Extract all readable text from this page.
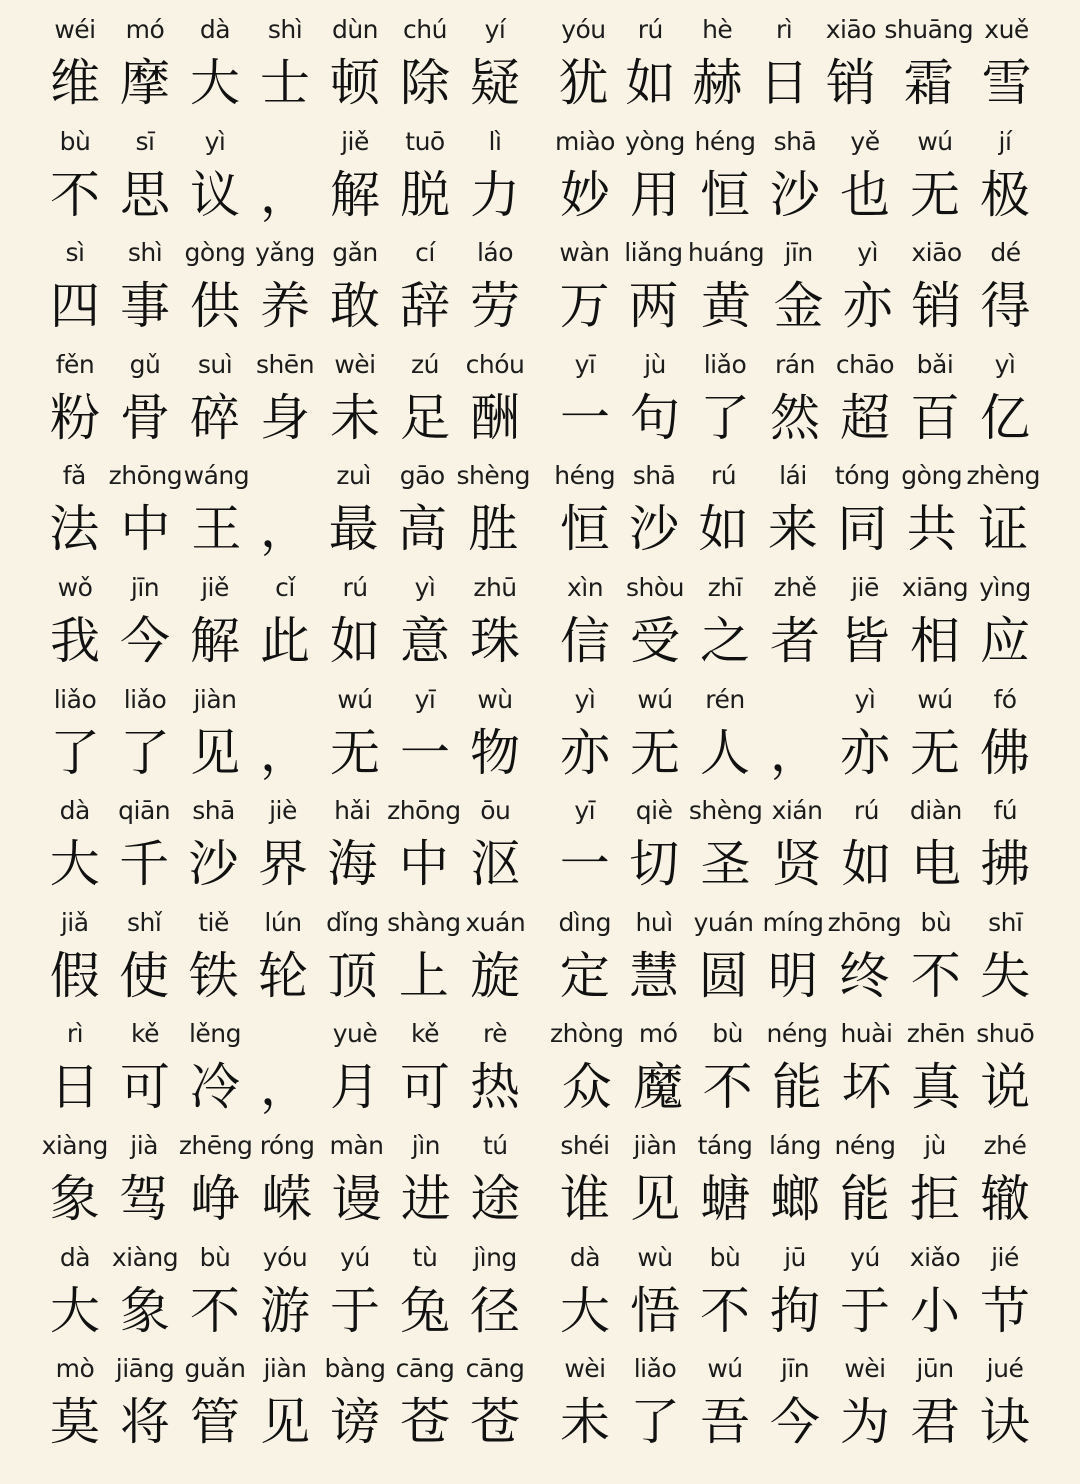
wéi
维
mó
摩
dà
大
shì
士
dùn
顿
chú
除
yí
疑
yóu
犹
rú
如
hè
赫
rì
日
xiāo
销
shuāng
霜
xuě
雪
bù
不
sī
思
yì
议 ，
jiě
解
tuō
脱
lì
力
miào
妙
yòng
用
héng
恒
shā
沙
yě
也
wú
无
jí
极
sì
四
shì
事
gòng
供
yǎng
养
gǎn
敢
cí
辞
láo
劳
wàn
万
liǎng
两
huáng
黄
jīn
金
yì
亦
xiāo
销
dé
得
fěn
粉
gǔ
骨
suì
碎
shēn
身
wèi
未
zú
足
chóu
酬
yī
一
jù
句
liǎo
了
rán
然
chāo
超
bǎi
百
yì
亿
fǎ
法
zhōng
中
wáng
王 ，
zuì
最
gāo
高
shèng
胜
héng
恒
shā
沙
rú
如
lái
来
tóng
同
gòng
共
zhèng
证
wǒ
我
jīn
今
jiě
解
cǐ
此
rú
如
yì
意
zhū
珠
xìn
信
shòu
受
zhī
之
zhě
者
jiē
皆
xiāng
相
yìng
应
liǎo
了
liǎo
了
jiàn
见 ，
wú
无
yī
一
wù
物
yì
亦
wú
无
rén
人 ，
yì
亦
wú
无
fó
佛
dà
大
qiān
千
shā
沙
jiè
界
hǎi
海
zhōng
中
ōu
沤
yī
一
qiè
切
shèng
圣
xián
贤
rú
如
diàn
电
fú
拂
jiǎ
假
shǐ
使
tiě
铁
lún
轮
dǐng
顶
shàng
上
xuán
旋
dìng
定
huì
慧
yuán
圆
míng
明
zhōng
终
bù
不
shī
失
rì
日
kě
可
lěng
冷 ，
yuè
月
kě
可
rè
热
zhòng
众
mó
魔
bù
不
néng
能
huài
坏
zhēn
真
shuō
说
xiàng
象
jià
驾
zhēng
峥
róng
嵘
màn
谩
jìn
进
tú
途
shéi
谁
jiàn
见
táng
螗
láng
螂
néng
能
jù
拒
zhé
辙
dà
大
xiàng
象
bù
不
yóu
游
yú
于
tù
兔
jìng
径
dà
大
wù
悟
bù
不
jū
拘
yú
于
xiǎo
小
jié
节
mò
莫
jiāng
将
guǎn
管
jiàn
见
bàng
谤
cāng
苍
cāng
苍
wèi
未
liǎo
了
wú
吾
jīn
今
wèi
为
jūn
君
jué
诀
